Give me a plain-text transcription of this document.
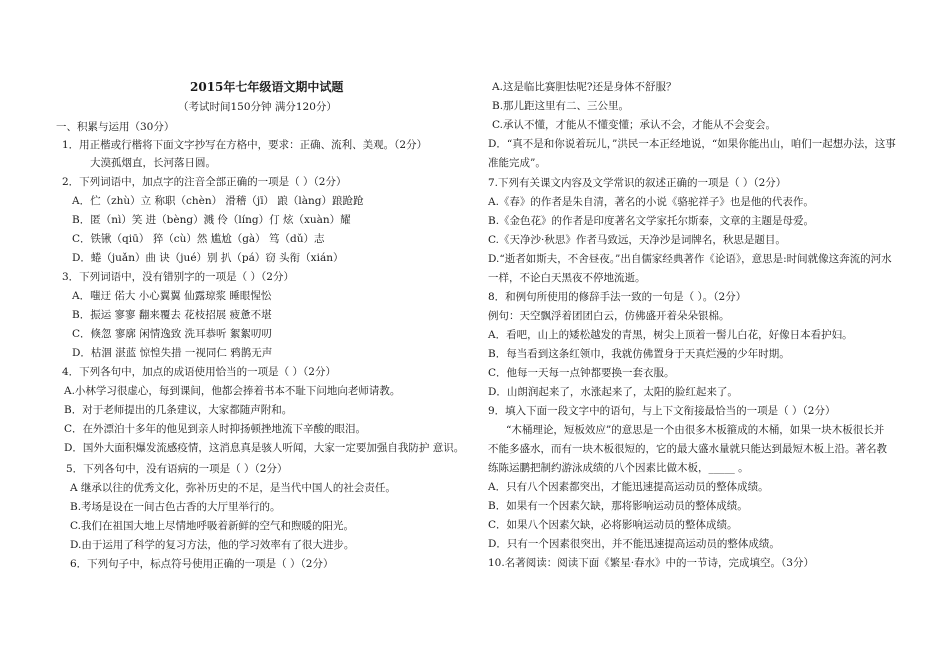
2015年七年级语文期中试题
（考试时间150分钟 满分120分）
一、积累与运用（30分）
1．用正楷或行楷将下面文字抄写在方格中，要求：正确、流利、美观。（2分）
大漠孤烟直，长河落日圆。
2．下列词语中，加点字的注音全部正确的一项是（ ）（2分）
A．伫（zhù）立 称职（chèn） 滑稽（jī） 踉（làng）踉跄跄
B．匿（nì）笑 进（bèng）溅 伶（líng）仃 炫（xuàn）耀
C．铁锹（qiū） 猝（cù）然 尴尬（gà） 笃（dǔ）志
D．蜷（juǎn）曲 诀（jué）别 扒（pá）窃 头衔（xián）
3．下列词语中，没有错别字的一项是（ ）（2分）
A．嗤迂 偌大 小心翼翼 仙露琼浆 睡眼惺忪
B．振运 寥寥 翻来覆去 花枝招展 疲惫不堪
C．倏忽 寥廓 闲情逸致 洗耳恭听 絮絮叨叨
D．枯涸 湛蓝 惊惶失措 一视同仁 鸦鹊无声
4．下列各句中，加点的成语使用恰当的一项是（ ）（2分）
A.小林学习很虚心，每到课间，他都会捧着书本不耻下问地向老师请教。
B．对于老师提出的几条建议，大家都随声附和。
C．在外漂泊十多年的他见到亲人时抑扬顿挫地流下辛酸的眼泪。
D．国外大面积爆发流感疫情，这消息真是骇人听闻，大家一定要加强自我防护 意识。
5．下列各句中，没有语病的一项是（ ）（2分）
A 继承以往的优秀文化，弥补历史的不足，是当代中国人的社会责任。
B.考场是设在一间古色古香的大厅里举行的。
C.我们在祖国大地上尽情地呼吸着新鲜的空气和煦暖的阳光。
D.由于运用了科学的复习方法，他的学习效率有了很大进步。
6．下列句子中，标点符号使用正确的一项是（ ）（2分）
A.这是临比赛胆怯呢?还是身体不舒服？
B.那儿距这里有二、三公里。
C.承认不懂，才能从不懂变懂；承认不会，才能从不会变会。
D．“真不是和你说着玩儿，”洪民一本正经地说，“如果你能出山，咱们一起想办法，这事
准能完成”。
7.下列有关课文内容及文学常识的叙述正确的一项是（ ）（2分）
A.《春》的作者是朱自清，著名的小说《骆驼祥子》也是他的代表作。
B.《金色花》的作者是印度著名文学家托尔斯泰，文章的主题是母爱。
C.《天净沙·秋思》作者马致远，天净沙是词牌名，秋思是题目。
D.“逝者如斯夫，不舍昼夜。”出自儒家经典著作《论语》，意思是:时间就像这奔流的河水
一样，不论白天黑夜不停地流逝。
8．和例句所使用的修辞手法一致的一句是（ ）。（2分）
例句：天空飘浮着团团白云，仿佛盛开着朵朵银棉。
A．看吧，山上的矮松越发的青黑，树尖上顶着一髻儿白花，好像日本看护妇。
B．每当看到这条红领巾，我就仿佛置身于天真烂漫的少年时期。
C．他每一天每一点钟都要换一套衣服。
D．山朗润起来了，水涨起来了，太阳的脸红起来了。
9．填入下面一段文字中的语句，与上下文衔接最恰当的一项是（ ）（2分）
“木桶理论，短板效应”的意思是一个由很多木板箍成的木桶，如果一块木板很长并
不能多盛水，而有一块木板很短的，它的最大盛水量就只能达到最短木板上沿。著名教
练陈运鹏把制约游泳成绩的八个因素比做木板，_____ 。
A．只有八个因素都突出，才能迅速提高运动员的整体成绩。
B．如果有一个因素欠缺，那将影响运动员的整体成绩。
C．如果八个因素欠缺，必将影响运动员的整体成绩。
D．只有一个因素很突出，并不能迅速提高运动员的整体成绩。
10.名著阅读：阅读下面《繁星·春水》中的一节诗，完成填空。（3分）
